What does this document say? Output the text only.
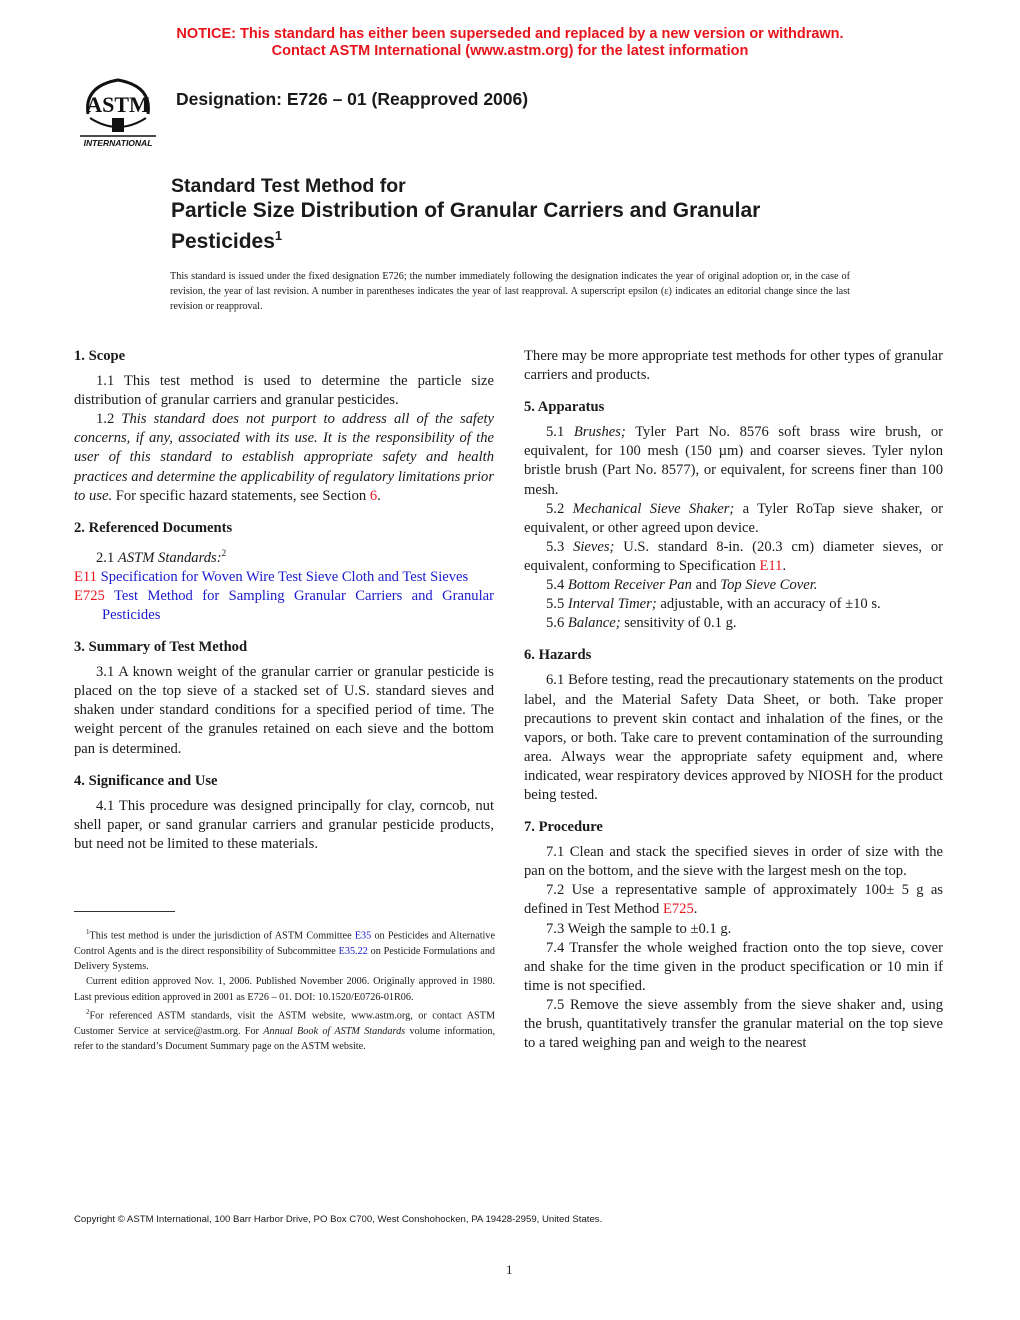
NOTICE: This standard has either been superseded and replaced by a new version or withdrawn.
Contact ASTM International (www.astm.org) for the latest information
ASTM
INTERNATIONAL
Designation: E726 – 01 (Reapproved 2006)
Standard Test Method for
Particle Size Distribution of Granular Carriers and Granular Pesticides$^1$
This standard is issued under the fixed designation E726; the number immediately following the designation indicates the year of original adoption or, in the case of revision, the year of last revision. A number in parentheses indicates the year of last reapproval. A superscript epsilon (ε) indicates an editorial change since the last revision or reapproval.
1. Scope

1.1 This test method is used to determine the particle size distribution of granular carriers and granular pesticides.

1.2 This standard does not purport to address all of the safety concerns, if any, associated with its use. It is the responsibility of the user of this standard to establish appropriate safety and health practices and determine the applicability of regulatory limitations prior to use. For specific hazard statements, see Section 6.

2. Referenced Documents

2.1 ASTM Standards:$^2$

E11 Specification for Woven Wire Test Sieve Cloth and Test Sieves

E725 Test Method for Sampling Granular Carriers and Granular Pesticides

3. Summary of Test Method

3.1 A known weight of the granular carrier or granular pesticide is placed on the top sieve of a stacked set of U.S. standard sieves and shaken under standard conditions for a specified period of time. The weight percent of the granules retained on each sieve and the bottom pan is determined.

4. Significance and Use

4.1 This procedure was designed principally for clay, corncob, nut shell paper, or sand granular carriers and granular pesticide products, but need not be limited to these materials.

$^1$This test method is under the jurisdiction of ASTM Committee E35 on Pesticides and Alternative Control Agents and is the direct responsibility of Subcommittee E35.22 on Pesticide Formulations and Delivery Systems.

Current edition approved Nov. 1, 2006. Published November 2006. Originally approved in 1980. Last previous edition approved in 2001 as E726 – 01. DOI: 10.1520/E0726-01R06.

$^2$For referenced ASTM standards, visit the ASTM website, www.astm.org, or contact ASTM Customer Service at service@astm.org. For Annual Book of ASTM Standards volume information, refer to the standard’s Document Summary page on the ASTM website.

There may be more appropriate test methods for other types of granular carriers and products.

5. Apparatus

5.1 Brushes; Tyler Part No. 8576 soft brass wire brush, or equivalent, for 100 mesh (150 µm) and coarser sieves. Tyler nylon bristle brush (Part No. 8577), or equivalent, for screens finer than 100 mesh.

5.2 Mechanical Sieve Shaker; a Tyler RoTap sieve shaker, or equivalent, or other agreed upon device.

5.3 Sieves; U.S. standard 8-in. (20.3 cm) diameter sieves, or equivalent, conforming to Specification E11.

5.4 Bottom Receiver Pan and Top Sieve Cover.

5.5 Interval Timer; adjustable, with an accuracy of ±10 s.

5.6 Balance; sensitivity of 0.1 g.

6. Hazards

6.1 Before testing, read the precautionary statements on the product label, and the Material Safety Data Sheet, or both. Take proper precautions to prevent skin contact and inhalation of the fines, or the vapors, or both. Take care to prevent contamination of the surrounding area. Always wear the appropriate safety equipment and, where indicated, wear respiratory devices approved by NIOSH for the product being tested.

7. Procedure

7.1 Clean and stack the specified sieves in order of size with the pan on the bottom, and the sieve with the largest mesh on the top.

7.2 Use a representative sample of approximately 100± 5 g as defined in Test Method E725.

7.3 Weigh the sample to ±0.1 g.

7.4 Transfer the whole weighed fraction onto the top sieve, cover and shake for the time given in the product specification or 10 min if time is not specified.

7.5 Remove the sieve assembly from the sieve shaker and, using the brush, quantitatively transfer the granular material on the top sieve to a tared weighing pan and weigh to the nearest

Copyright © ASTM International, 100 Barr Harbor Drive, PO Box C700, West Conshohocken, PA 19428-2959, United States.
1
